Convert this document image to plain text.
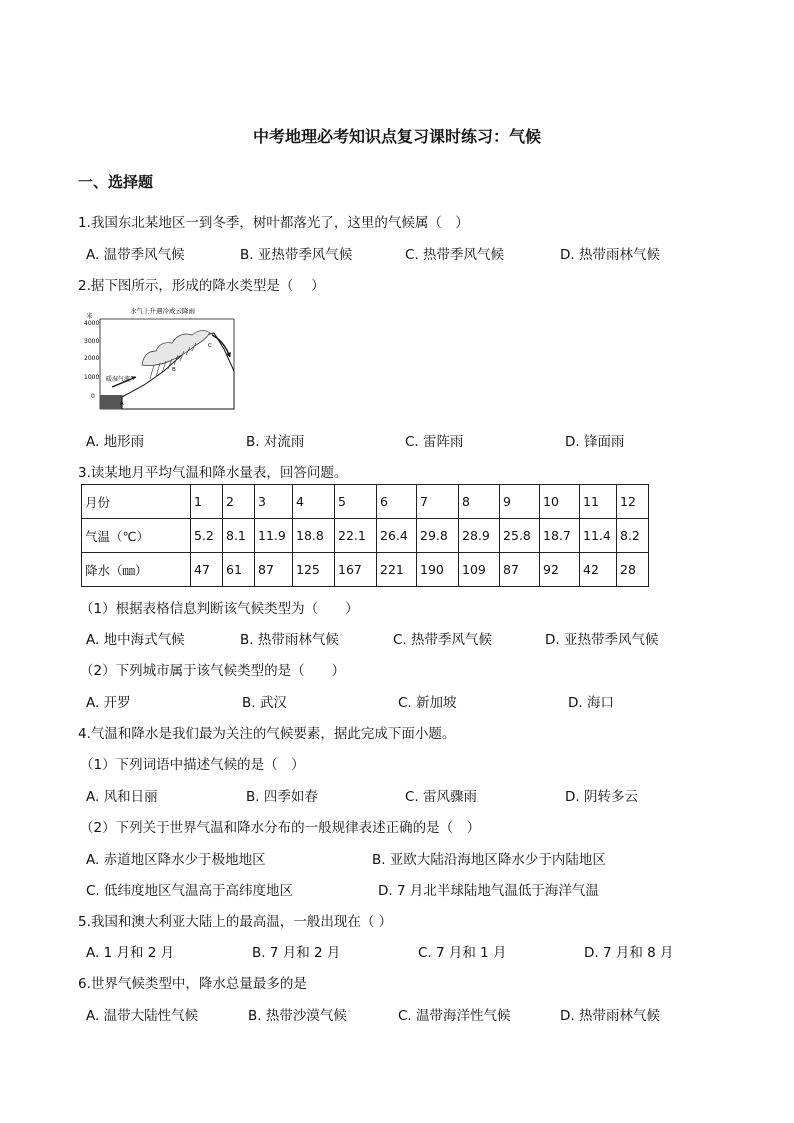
中考地理必考知识点复习课时练习：气候
一、选择题
1.我国东北某地区一到冬季，树叶都落光了，这里的气候属（　）
A. 温带季风气候	B. 亚热带季风气候	C. 热带季风气候	D. 热带雨林气候
2.据下图所示，形成的降水类型是（　 ）
水气上升遇冷成云降雨
米
4000
3000
2000
1000
0
暖湿气流
A
B
C
A. 地形雨	B. 对流雨	C. 雷阵雨	D. 锋面雨
3.读某地月平均气温和降水量表，回答问题。
月份	1	2	3	4	5	6	7	8	9	10	11	12
气温（℃）	5.2	8.1	11.9	18.8	22.1	26.4	29.8	28.9	25.8	18.7	11.4	8.2
降水（㎜）	47	61	87	125	167	221	190	109	87	92	42	28
（1）根据表格信息判断该气候类型为（　　）
A. 地中海式气候	B. 热带雨林气候	C. 热带季风气候	D. 亚热带季风气候
（2）下列城市属于该气候类型的是（　　）
A. 开罗	B. 武汉	C. 新加坡	D. 海口
4.气温和降水是我们最为关注的气候要素，据此完成下面小题。
（1）下列词语中描述气候的是（　）
A. 风和日丽	B. 四季如春	C. 雷风骤雨	D. 阴转多云
（2）下列关于世界气温和降水分布的一般规律表述正确的是（　）
A. 赤道地区降水少于极地地区	B. 亚欧大陆沿海地区降水少于内陆地区
C. 低纬度地区气温高于高纬度地区	D. 7 月北半球陆地气温低于海洋气温
5.我国和澳大利亚大陆上的最高温，一般出现在（ ）
A. 1 月和 2 月	B. 7 月和 2 月	C. 7 月和 1 月	D. 7 月和 8 月
6.世界气候类型中，降水总量最多的是
A. 温带大陆性气候	B. 热带沙漠气候	C. 温带海洋性气候	D. 热带雨林气候
